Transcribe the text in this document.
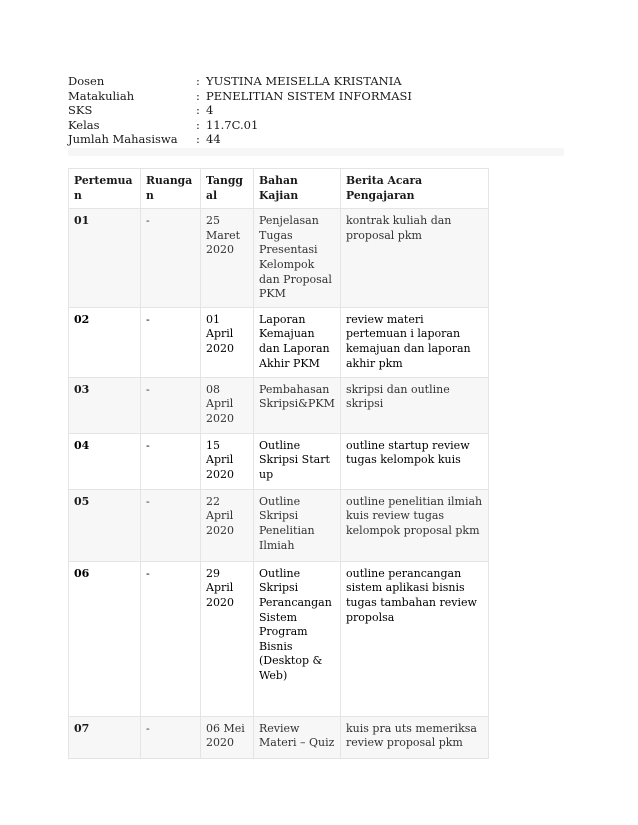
Dosen	: YUSTINA MEISELLA KRISTANIA
Matakuliah	: PENELITIAN SISTEM INFORMASI
SKS	: 4
Kelas	: 11.7C.01
Jumlah Mahasiswa	: 44
Pertemuan	Ruangan	Tanggal	Bahan Kajian	Berita Acara Pengajaran
01	-	25 Maret 2020	Penjelasan Tugas Presentasi Kelompok dan Proposal PKM	kontrak kuliah dan proposal pkm
02	-	01 April 2020	Laporan Kemajuan dan Laporan Akhir PKM	review materi pertemuan i laporan kemajuan dan laporan akhir pkm
03	-	08 April 2020	Pembahasan Skripsi&PKM	skripsi dan outline skripsi
04	-	15 April 2020	Outline Skripsi Start up	outline startup review tugas kelompok kuis
05	-	22 April 2020	Outline Skripsi Penelitian Ilmiah	outline penelitian ilmiah kuis review tugas kelompok proposal pkm
06	-	29 April 2020	Outline Skripsi Perancangan Sistem Program Bisnis (Desktop & Web)	outline perancangan sistem aplikasi bisnis tugas tambahan review propolsa
07	-	06 Mei 2020	Review Materi – Quiz	kuis pra uts memeriksa review proposal pkm
